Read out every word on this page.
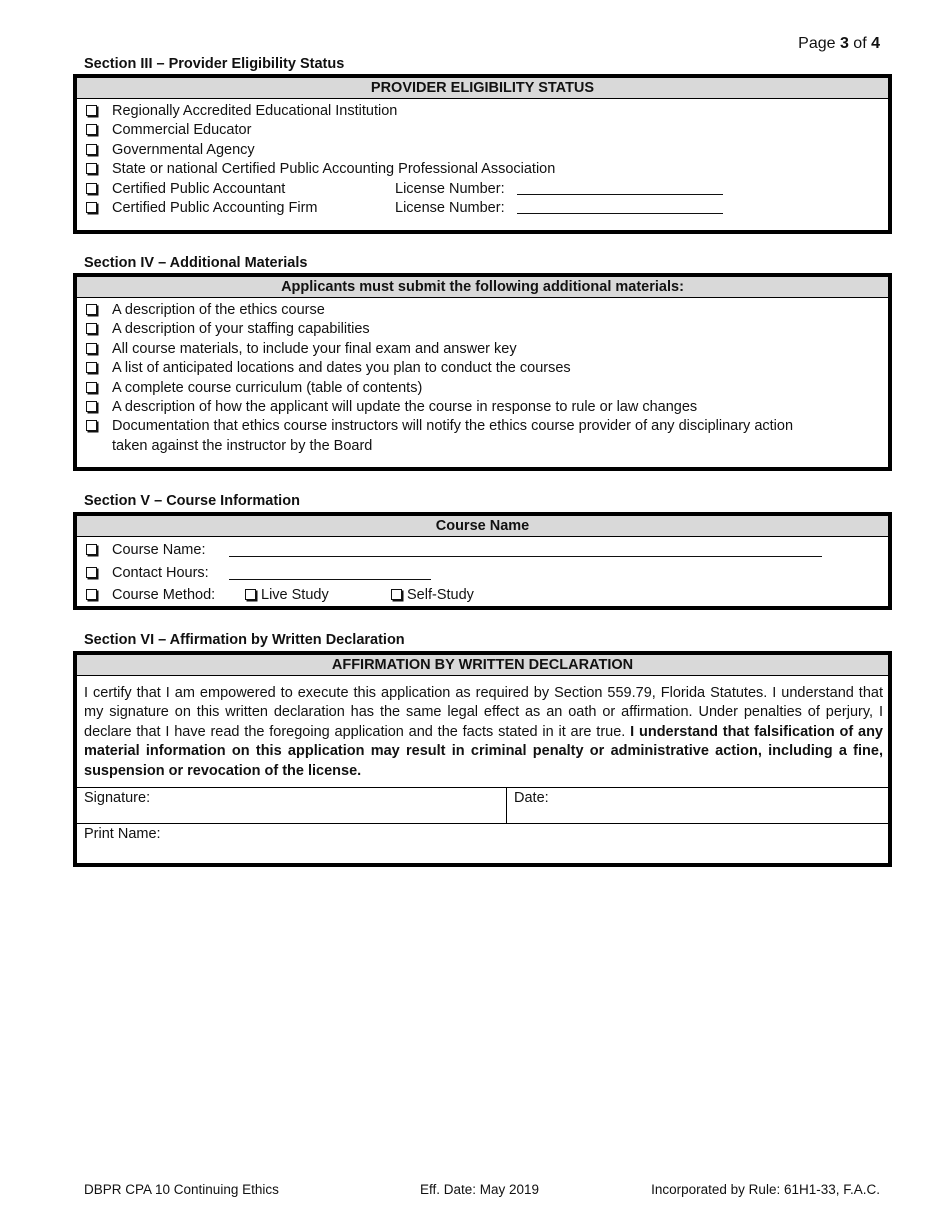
Page 3 of 4
Section III – Provider Eligibility Status
PROVIDER ELIGIBILITY STATUS
Regionally Accredited Educational Institution
Commercial Educator
Governmental Agency
State or national Certified Public Accounting Professional Association
Certified Public Accountant	License Number:
Certified Public Accounting Firm	License Number:
Section IV – Additional Materials
Applicants must submit the following additional materials:
A description of the ethics course
A description of your staffing capabilities
All course materials, to include your final exam and answer key
A list of anticipated locations and dates you plan to conduct the courses
A complete course curriculum (table of contents)
A description of how the applicant will update the course in response to rule or law changes
Documentation that ethics course instructors will notify the ethics course provider of any disciplinary action taken against the instructor by the Board
Section V – Course Information
Course Name
Course Name:
Contact Hours:
Course Method:	Live Study	Self-Study
Section VI – Affirmation by Written Declaration
AFFIRMATION BY WRITTEN DECLARATION
I certify that I am empowered to execute this application as required by Section 559.79, Florida Statutes. I understand that my signature on this written declaration has the same legal effect as an oath or affirmation. Under penalties of perjury, I declare that I have read the foregoing application and the facts stated in it are true. I understand that falsification of any material information on this application may result in criminal penalty or administrative action, including a fine, suspension or revocation of the license.
Signature:	Date:
Print Name:
DBPR CPA 10 Continuing Ethics	Eff. Date: May 2019	Incorporated by Rule: 61H1-33, F.A.C.
